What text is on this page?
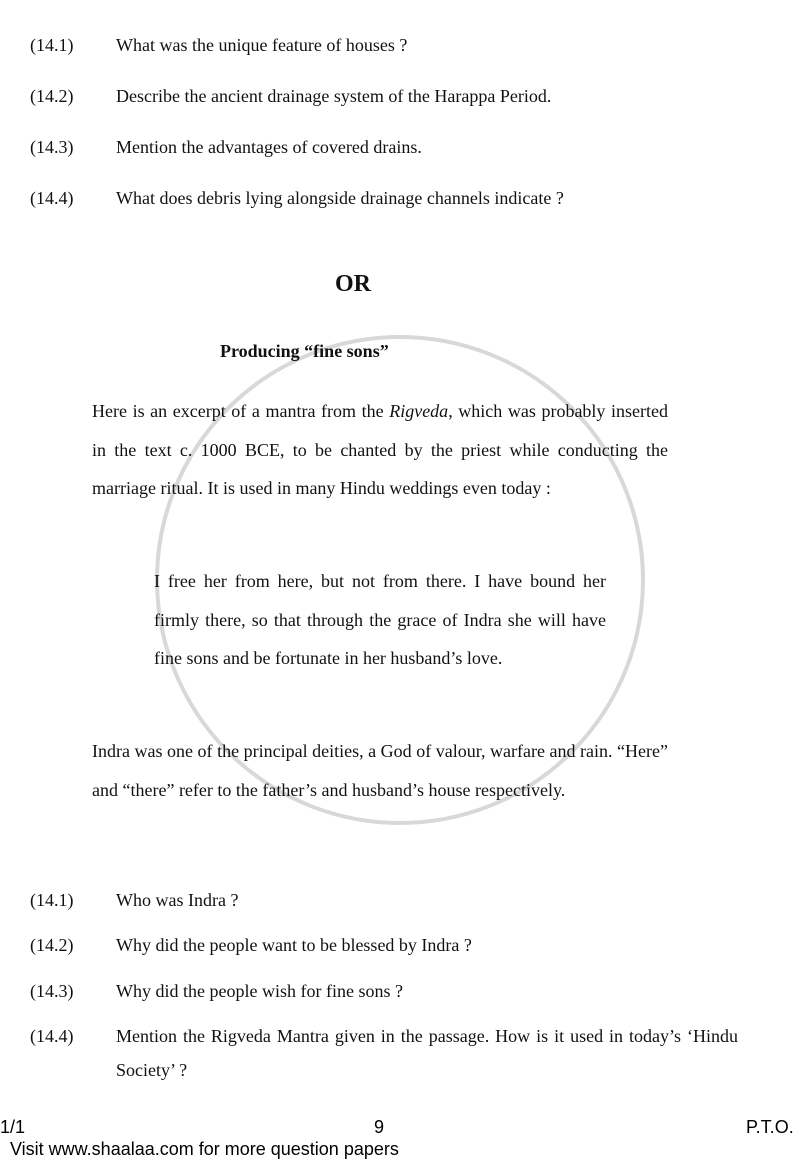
(14.1) What was the unique feature of houses ?
(14.2) Describe the ancient drainage system of the Harappa Period.
(14.3) Mention the advantages of covered drains.
(14.4) What does debris lying alongside drainage channels indicate ?
OR
Producing “fine sons”
Here is an excerpt of a mantra from the Rigveda, which was probably inserted in the text c. 1000 BCE, to be chanted by the priest while conducting the marriage ritual. It is used in many Hindu weddings even today :
I free her from here, but not from there. I have bound her firmly there, so that through the grace of Indra she will have fine sons and be fortunate in her husband’s love.
Indra was one of the principal deities, a God of valour, warfare and rain. “Here” and “there” refer to the father’s and husband’s house respectively.
(14.1) Who was Indra ?
(14.2) Why did the people want to be blessed by Indra ?
(14.3) Why did the people wish for fine sons ?
(14.4) Mention the Rigveda Mantra given in the passage. How is it used in today’s ‘Hindu Society’ ?
1/1	9	P.T.O.
Visit www.shaalaa.com for more question papers
